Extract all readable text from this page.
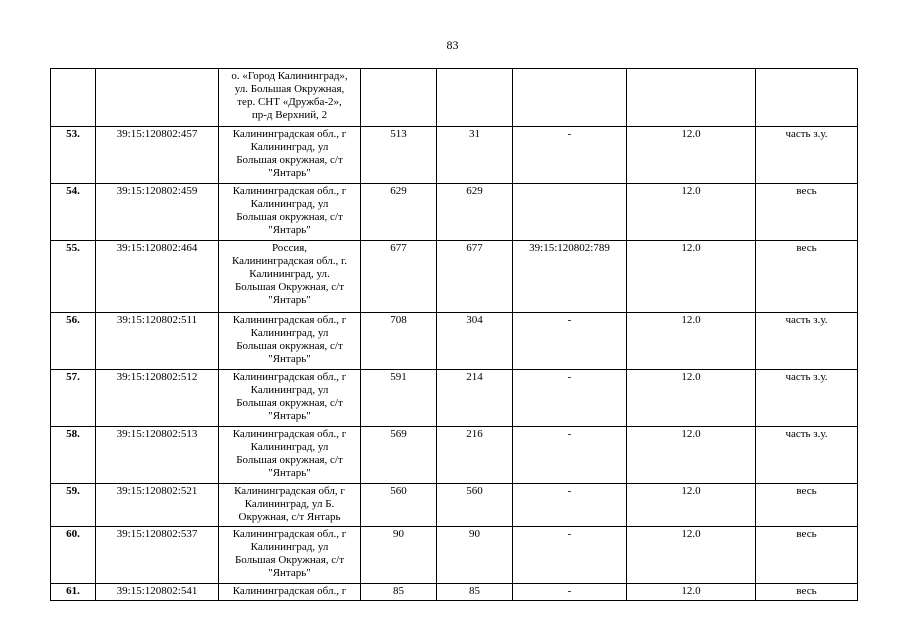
83
		о. «Город Калининград»,
ул. Большая Окружная,
тер. СНТ «Дружба-2»,
пр-д Верхний, 2					
53.	39:15:120802:457	Калининградская обл., г
Калининград, ул
Большая окружная, с/т
"Янтарь"	513	31	-	12.0	часть з.у.
54.	39:15:120802:459	Калининградская обл., г
Калининград, ул
Большая окружная, с/т
"Янтарь"	629	629		12.0	весь
55.	39:15:120802:464	Россия,
Калининградская обл., г.
Калининград, ул.
Большая Окружная, с/т
"Янтарь"	677	677	39:15:120802:789	12.0	весь
56.	39:15:120802:511	Калининградская обл., г
Калининград, ул
Большая окружная, с/т
"Янтарь"	708	304	-	12.0	часть з.у.
57.	39:15:120802:512	Калининградская обл., г
Калининград, ул
Большая окружная, с/т
"Янтарь"	591	214	-	12.0	часть з.у.
58.	39:15:120802:513	Калининградская обл., г
Калининград, ул
Большая окружная, с/т
"Янтарь"	569	216	-	12.0	часть з.у.
59.	39:15:120802:521	Калининградская обл, г
Калининград, ул Б.
Окружная, с/т Янтарь	560	560	-	12.0	весь
60.	39:15:120802:537	Калининградская обл., г
Калининград, ул
Большая Окружная, с/т
"Янтарь"	90	90	-	12.0	весь
61.	39:15:120802:541	Калининградская обл., г	85	85	-	12.0	весь
